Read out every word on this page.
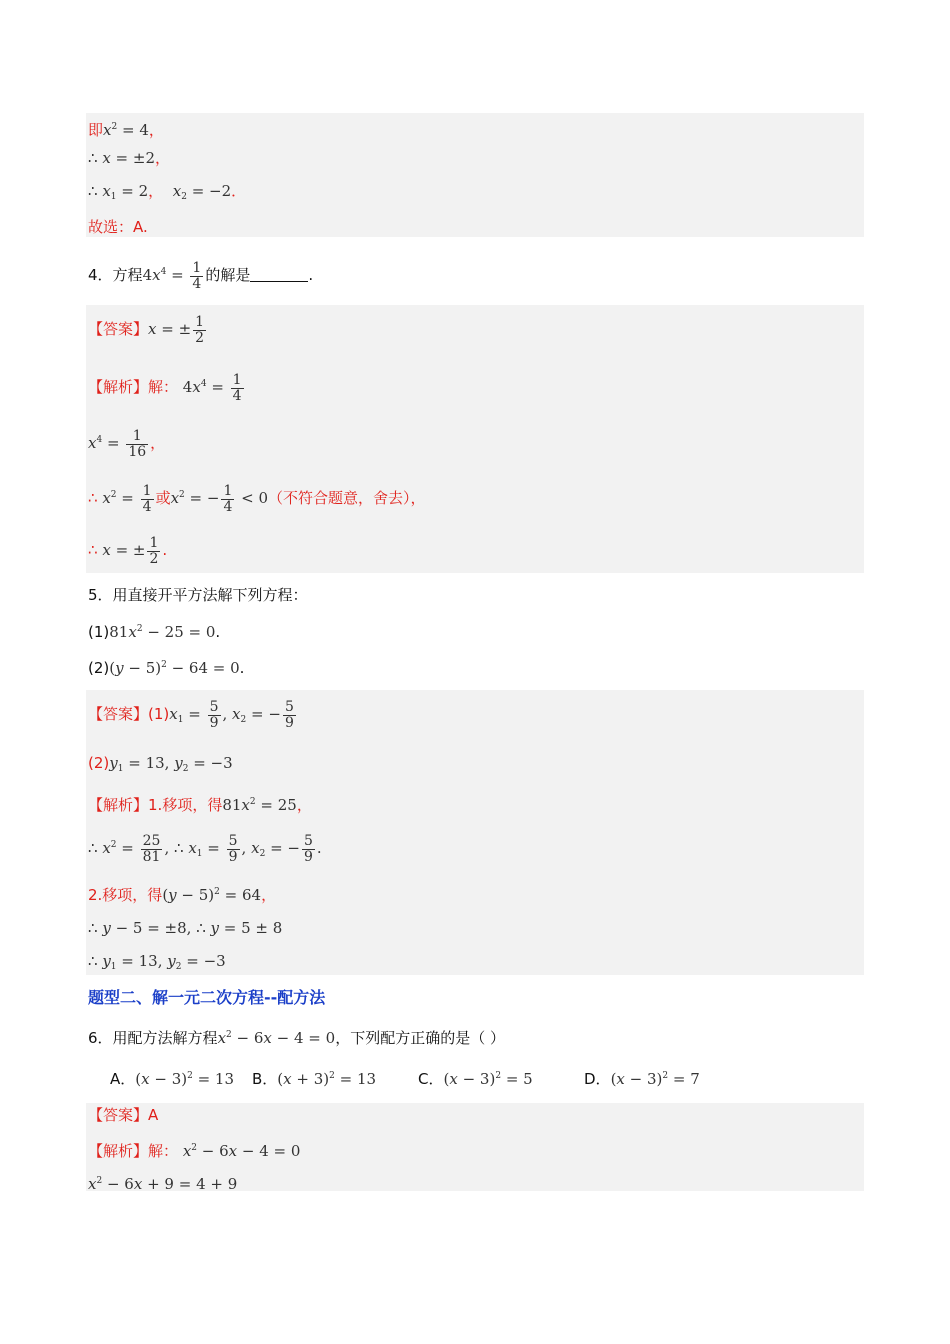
即$x^2 = 4$，
∴ x = ±2，
∴ $x_1 = 2$， $x_2 = -2$．
故选：A.
4．方程$4x^4 = \frac{1}{4}$ 的解是	.
【答案】x = ± $\frac{1}{2}$
【解析】解： $4x^4 = \frac{1}{4}$
$x^4 = \frac{1}{16}$ ，
∴ $x^2 = \frac{1}{4}$ 或$x^2$ = − $\frac{1}{4} < 0$（不符合题意，舍去），
∴ x = ± $\frac{1}{2}$ .
5．用直接开平方法解下列方程：
$(1)81x^2 - 25 = 0$.
$(2)(y - 5)^2 - 64 = 0$.
【答案】$(1)x_1 = \frac{5}{9}$ , $x_2$ = − $\frac{5}{9}$
$(2)y_1 = 13$, $y_2 = -3$
【解析】1.移项，得$81x^2 = 25$，
∴ $x^2 = \frac{25}{81}$ , ∴ $x_1 = \frac{5}{9}$ , $x_2$ = − $\frac{5}{9}$ .
2.移项，得$(y - 5)^2 = 64$，
∴ y − 5 = ±8, ∴ y = 5 ± 8
∴ $y_1 = 13$, $y_2 = -3$
题型二、解一元二次方程--配方法
6．用配方法解方程$x^2 - 6x - 4 = 0$，下列配方正确的是（ ）
A．$(x - 3)^2 = 13$ B．$(x + 3)^2 = 13$	C．$(x - 3)^2 = 5$	D．$(x - 3)^2 = 7$
【答案】A
【解析】解： $x^2 - 6x - 4 = 0$
$x^2 - 6x + 9 = 4 + 9$
